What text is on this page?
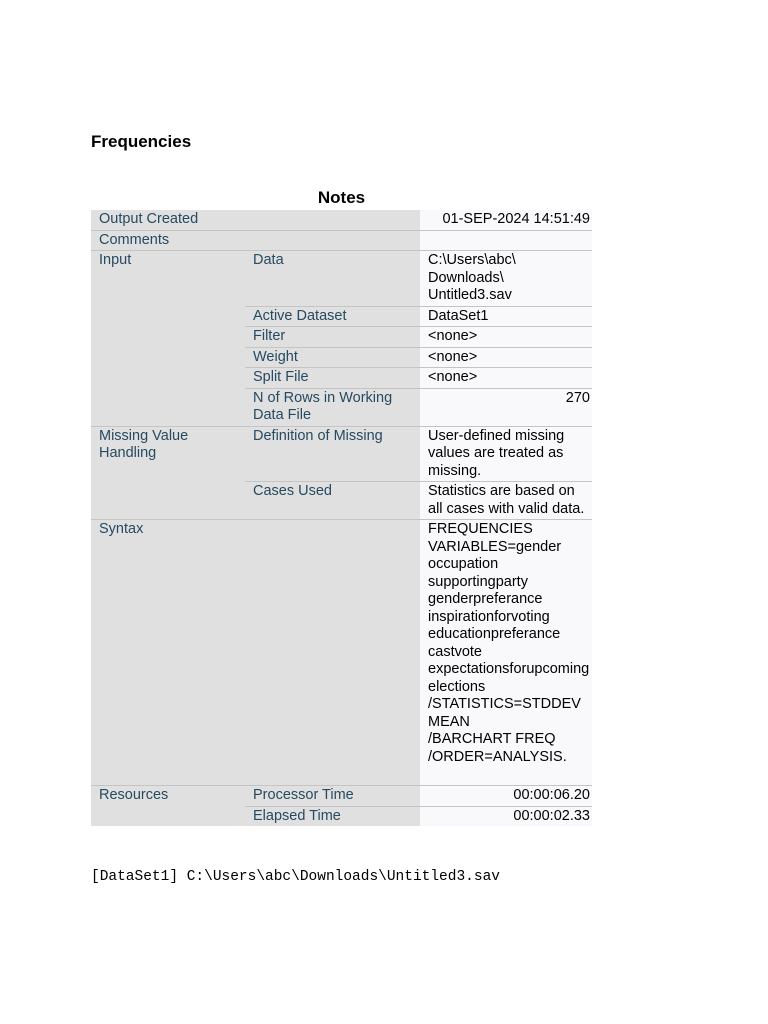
Frequencies
Notes
Output Created		01-SEP-2024 14:51:49
Comments		
Input	Data	C:\Users\abc\ Downloads\ Untitled3.sav
	Active Dataset	DataSet1
	Filter	<none>
	Weight	<none>
	Split File	<none>
	N of Rows in Working Data File	270
Missing Value Handling	Definition of Missing	User-defined missing values are treated as missing.
	Cases Used	Statistics are based on all cases with valid data.
Syntax		FREQUENCIES
VARIABLES=gender occupation supportingparty genderpreferance inspirationforvoting educationpreferance castvote expectationsforupcomingelections
/STATISTICS=STDDEV MEAN
/BARCHART FREQ
/ORDER=ANALYSIS.

Resources	Processor Time	00:00:06.20
	Elapsed Time	00:00:02.33
[DataSet1] C:\Users\abc\Downloads\Untitled3.sav
